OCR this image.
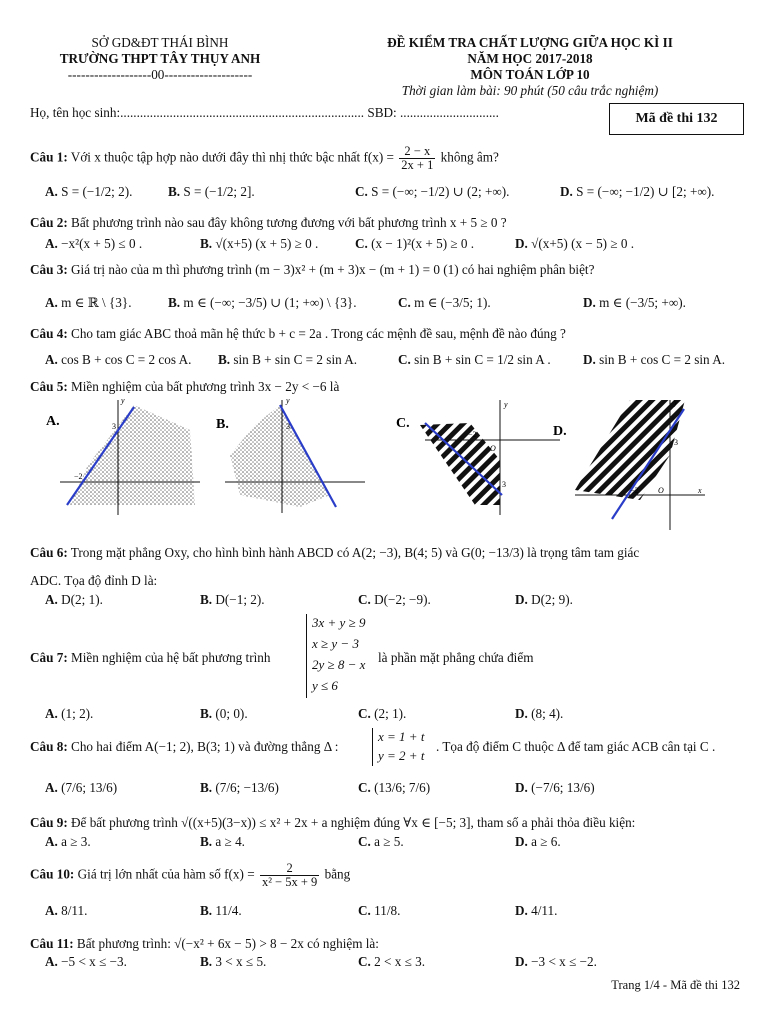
SỞ GD&ĐT THÁI BÌNH
TRƯỜNG THPT TÂY THỤY ANH
-------------------00--------------------
ĐỀ KIỂM TRA CHẤT LƯỢNG GIỮA HỌC KÌ II
NĂM HỌC 2017-2018
MÔN TOÁN LỚP 10
Thời gian làm bài: 90 phút (50 câu trắc nghiệm)
Họ, tên học sinh:.......................................................................... SBD: ..............................	Mã đề thi 132
Câu 1: Với x thuộc tập hợp nào dưới đây thì nhị thức bậc nhất $f(x) = \frac{2 - x}{2x + 1}$ không âm?
A. S = (−1/2; 2).	B. S = (−1/2; 2].	C. S = (−∞; −1/2) ∪ (2; +∞).	D. S = (−∞; −1/2) ∪ [2; +∞).
Câu 2: Bất phương trình nào sau đây không tương đương với bất phương trình x + 5 ≥ 0 ?
A. −x²(x + 5) ≤ 0 .	B. √(x+5) (x + 5) ≥ 0 .	C. (x − 1)²(x + 5) ≥ 0 .	D. √(x+5) (x − 5) ≥ 0 .
Câu 3: Giá trị nào của m thì phương trình (m − 3)x² + (m + 3)x − (m + 1) = 0 (1) có hai nghiệm phân biệt?
A. m ∈ ℝ \ {3}.	B. m ∈ (−∞; −3/5) ∪ (1; +∞) \ {3}.	C. m ∈ (−3/5; 1).	D. m ∈ (−3/5; +∞).
Câu 4: Cho tam giác ABC thoả mãn hệ thức b + c = 2a . Trong các mệnh đề sau, mệnh đề nào đúng ?
A. cos B + cos C = 2 cos A. B. sin B + sin C = 2 sin A.	C. sin B + sin C = 1/2 sin A . D. sin B + cos C = 2 sin A.
Câu 5: Miền nghiệm của bất phương trình 3x − 2y < −6 là
A.
y
3
−2
B.
y
3	C.
y
−2
O
3
D.
y
3
−2 O	x
Câu 6: Trong mặt phẳng Oxy, cho hình bình hành ABCD có A(2; −3), B(4; 5) và G(0; −13/3) là trọng tâm tam giác
ADC. Tọa độ đỉnh D là:
A. D(2; 1).	B. D(−1; 2).	C. D(−2; −9).	D. D(2; 9).
Câu 7: Miền nghiệm của hệ bất phương trình
3x + y ≥ 9
x ≥ y − 3
2y ≥ 8 − x
y ≤ 6
là phần mặt phẳng chứa điểm
A. (1; 2).	B. (0; 0).	C. (2; 1).	D. (8; 4).
Câu 8: Cho hai điểm A(−1; 2), B(3; 1) và đường thẳng Δ :
x = 1 + t
y = 2 + t
. Tọa độ điểm C thuộc Δ để tam giác ACB cân tại C .
A. (7/6; 13/6)	B. (7/6; −13/6)	C. (13/6; 7/6)	D. (−7/6; 13/6)
Câu 9: Để bất phương trình √((x+5)(3−x)) ≤ x² + 2x + a nghiệm đúng ∀x ∈ [−5; 3], tham số a phải thỏa điều kiện:
A. a ≥ 3.	B. a ≥ 4.	C. a ≥ 5.	D. a ≥ 6.
Câu 10: Giá trị lớn nhất của hàm số $f(x) = \frac{2}{\text{x² − 5x + 9}}$ bằng
A. 8/11.	B. 11/4.	C. 11/8.	D. 4/11.
Câu 11: Bất phương trình: √(−x² + 6x − 5) > 8 − 2x có nghiệm là:
A. −5 < x ≤ −3.	B. 3 < x ≤ 5.	C. 2 < x ≤ 3.	D. −3 < x ≤ −2.
Trang 1/4 - Mã đề thi 132
